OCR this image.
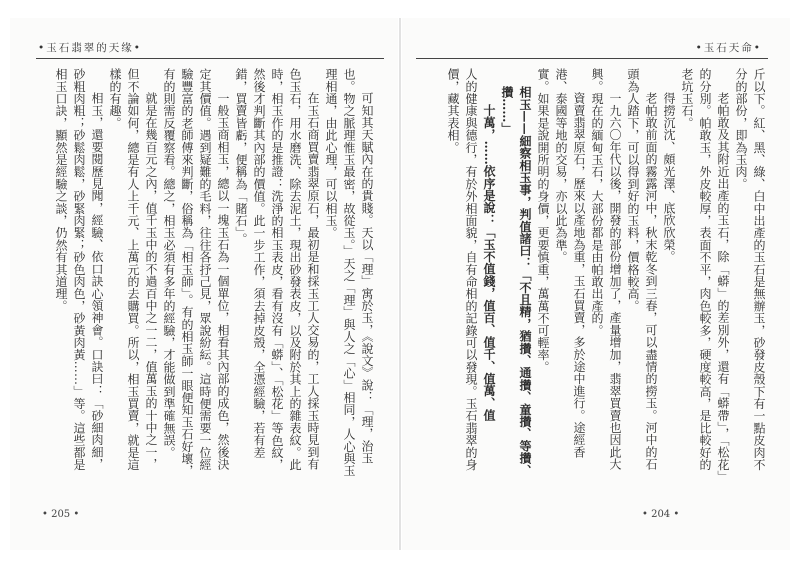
•玉石翡翠的天缘•

可知其天賦內在的貴賤。天以「理」寓於玉，《說文》說：「理，治玉也。物之脈理惟玉最密，故從玉。」天之「理」與人之「心」相同，人心與玉理相通，由此心理，可以相玉。

在玉石商買賣翡翠原石，最初是和採玉工人交易的，工人採玉時見到有色玉石，用水磨洗、除去泥土，現出砂發表皮，以及附於其上的雜表紋。此時，相玉作的是推證：洗淨的相玉表皮，看有沒有「蟒」、「松花」等色紋，然後才判斷其內部的價值。此一步工作，須去掉皮殼，全憑經驗，若有差錯，買賣皆虧，便稱為「賭石」。

一般玉商相玉，總以一塊玉石為一個單位，相看其內部的成色，然後決定其價值。遇到疑難的毛料，往往各抒己見，眾說紛紜。這時便需要一位經驗豐富的老師傅來判斷，俗稱為「相玉師」。有的相玉師一眼便知玉石好壞，有的則需反覆察看。總之，相玉必須有多年的經驗，才能做到準確無誤。

就是在幾百元之內，值千玉中的不過百中之一二，值萬玉的十中之一，但不論如何，總是有人上千元、上萬元的去購買。所以，相玉買賣，就是這樣的有趣。

相玉，還要閱歷見聞，經驗、依口訣心領神會。口訣曰：「砂細肉細，砂粗肉粗；砂鬆肉鬆，砂緊肉緊；砂色肉色，砂黃肉黃……」等。這些都是相玉口訣，顯然是經驗之談，仍然有其道理。

• 205 •
•玉石天命•

斤以下。紅、黑、綠、白中出產的玉石是無辦玉，砂發皮殼下有一點皮肉不分的部份，即為玉肉。

老帕敢及其附近出產的玉石，除「蟒」的差別外，還有「蟒帶」，「松花」的分別。帕敢玉，外皮較厚，表面不平，肉色較多，硬度較高，是比較好的老坑玉石。

得撈沉沈、頗光澤、底欣欣榮。

老帕敢前面的霧露河中，秋末乾冬到三春，可以盡情的撈玉。河中的石頭為人踏下，可以得到好的玉料，價格較高。

一九六〇年代以後，開發的部份增加了，產量增加，翡翠買賣也因此大興。現在的緬甸玉石，大部份都是由帕敢出產的。

資賣翡翠原石，歷來以產地為重，玉石買賣，多於途中進行。途經香港、泰國等地的交易，亦以此為準。

實。如果是說開所明的身價，更要慎重，萬萬不可輕率。

相玉——細察相玉事，判值諸曰：「不且精，猶攢、通攢、童攢、等攢、攢……」

十萬，……依序是說：「玉不值錢，值百、值千、值萬、值

人的健康與德行，有於外相面貌，自有命相的記錄可以發現。玉石翡翠的身價，藏其表相。

• 204 •
